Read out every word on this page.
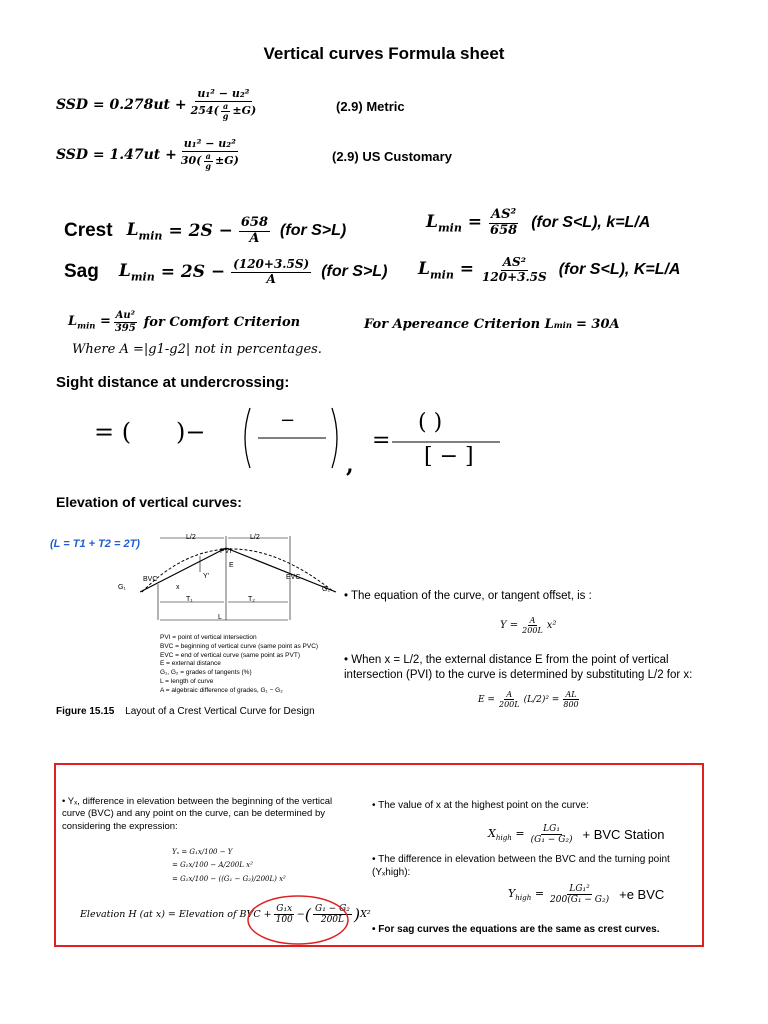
Vertical curves Formula sheet
SSD = $0.278ut + \frac{\text{u₁² − u₂²}}{254( \frac{a}{g} \pm G)}$	(2.9) Metric
SSD = $1.47ut + \frac{\text{u₁² − u₂²}}{30( \frac{a}{g} \pm G)}$	(2.9) US Customary
Crest $L_{min} = 2S - \frac{658}{A} (for$ S>L)	$L_{min} = \frac{\text{AS²}}{658} (for$ S<L), k=L/A
Sag $L_{min} = 2S - \frac{(120+3.5S)}{A} (for$ S>L) $L_{min} = \frac{\text{AS²}}{120+3.5S} (for$ S<L), K=L/A
$L_{min} = \frac{\text{Au²}}{395}$ for Comfort Criterion	For Apereance Criterion L min = 30A
Where A =|g1-g2| not in percentages.
Sight distance at undercrossing:
= ( )−	−
,
=
( )
[ − ]
Elevation of vertical curves:
(L = T1 + T2 = 2T)
L/2	L/2
PVI
BVC	EVC
G₁	G₂
E
Y'
x
T₁	T₂
L
PVI = point of vertical intersection
BVC = beginning of vertical curve (same point as PVC)
EVC = end of vertical curve (same point as PVT)
E = external distance
G₁, G₂ = grades of tangents (%)
L = length of curve
A = algebraic difference of grades, G₁ − G₂
Figure 15.15 Layout of a Crest Vertical Curve for Design
• The equation of the curve, or tangent offset, is :
$Y = \frac{A}{200L} x^2$
• When x = L/2, the external distance E from the point of vertical intersection (PVI) to the curve is determined by substituting L/2 for x:
$E = \frac{A}{200L} (L/2)^2 = \frac{AL}{800}$
• Yₓ, difference in elevation between the beginning of the vertical curve (BVC) and any point on the curve, can be determined by considering the expression:
Yₓ = G₁x/100 − Y
= G₁x/100 − A/200L x²
= G₁x/100 − ((G₁ − G₂)/200L) x²
Elevation H (at x) = Elevation of BVC + $\frac{\text{G₁x}}{100}$ − ( $\frac{\text{G₁ − G₂}}{200L}$ ) X²
• The value of x at the highest point on the curve:
$X_{high} = \frac{\text{LG₁}}{\text{(G₁ − G₂)}}$ + BVC Station
• The difference in elevation between the BVC and the turning point (Yₓhigh):
$Y_{high} = \frac{\text{LG₁²}}{\text{200(G₁ − G₂)}} +e$ BVC
• For sag curves the equations are the same as crest curves.
